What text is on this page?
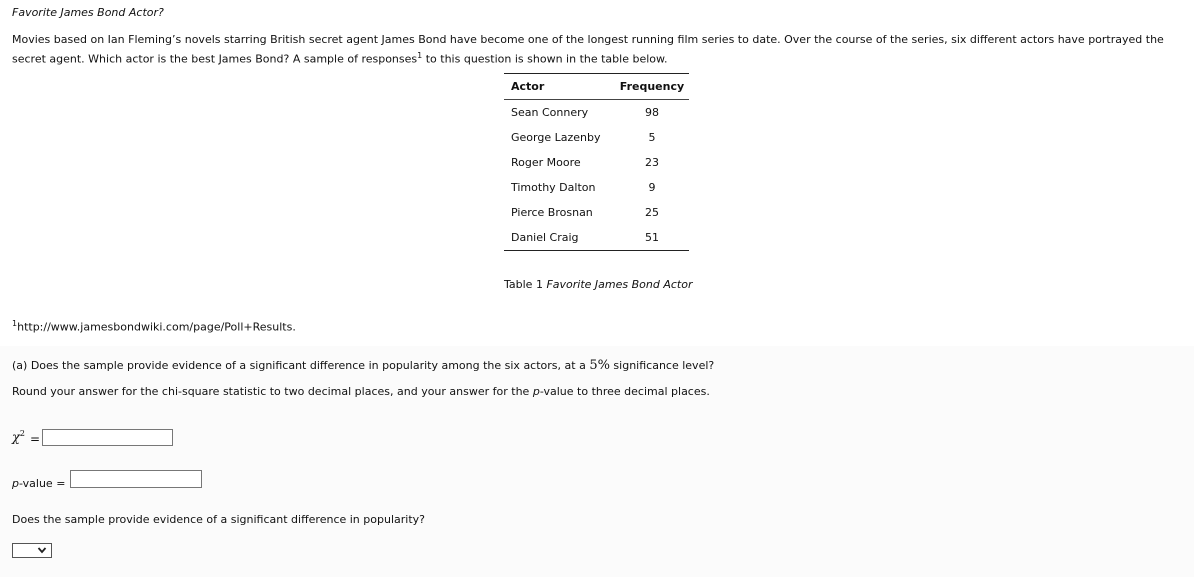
Favorite James Bond Actor?
Movies based on Ian Fleming’s novels starring British secret agent James Bond have become one of the longest running film series to date. Over the course of the series, six different actors have portrayed the secret agent. Which actor is the best James Bond? A sample of responses$^1$ to this question is shown in the table below.
Actor	Frequency
Sean Connery	98
George Lazenby	5
Roger Moore	23
Timothy Dalton	9
Pierce Brosnan	25
Daniel Craig	51
Table 1 Favorite James Bond Actor
$^1$http://www.jamesbondwiki.com/page/Poll+Results.
(a) Does the sample provide evidence of a significant difference in popularity among the six actors, at a 5% significance level?
Round your answer for the chi-square statistic to two decimal places, and your answer for the p-value to three decimal places.
$\chi^2$ =
p-value =
Does the sample provide evidence of a significant difference in popularity?
